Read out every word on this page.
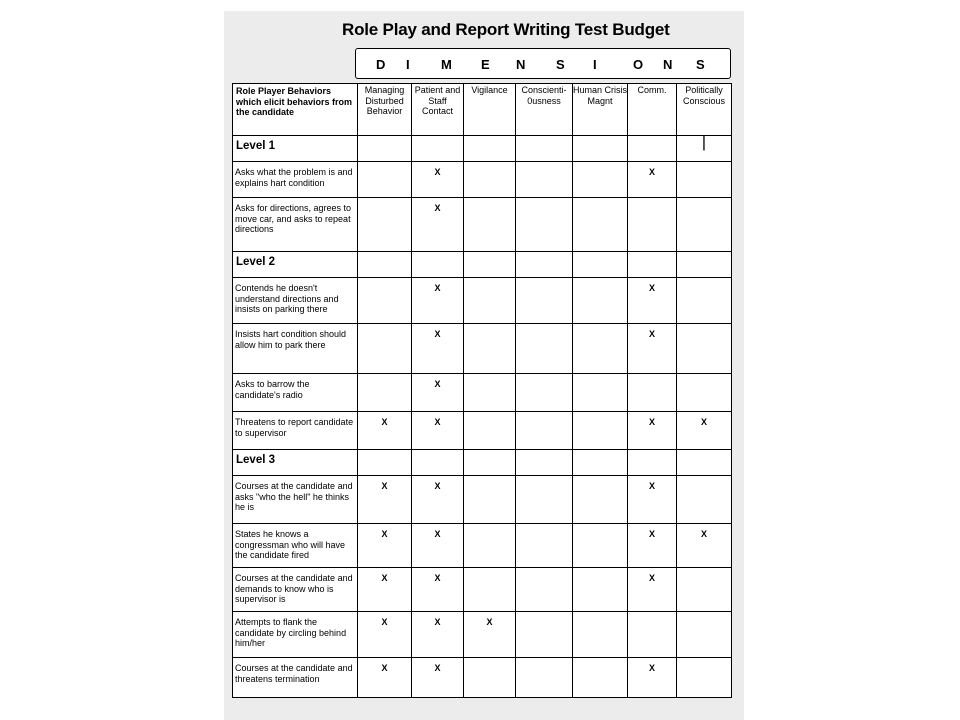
Role Play and Report Writing Test Budget
D I M E N S I	O N S
Role Player Behaviors which elicit behaviors from the candidate	Managing Disturbed Behavior	Patient and Staff Contact	Vigilance	Conscienti-0usness	Human Crisis Magnt	Comm.	Politically Conscious
Level 1							|
Asks what the problem is and explains hart condition		X				X	
Asks for directions, agrees to move car, and asks to repeat directions		X					
Level 2							
Contends he doesn't understand directions and insists on parking there		X				X	
Insists hart condition should allow him to park there		X				X	
Asks to barrow the candidate's radio		X					
Threatens to report candidate to supervisor	X	X				X	X
Level 3							
Courses at the candidate and asks "who the hell" he thinks he is	X	X				X	
States he knows a congressman who will have the candidate fired	X	X				X	X
Courses at the candidate and demands to know who is supervisor is	X	X				X	
Attempts to flank the candidate by circling behind him/her	X	X	X				
Courses at the candidate and threatens termination	X	X				X	
